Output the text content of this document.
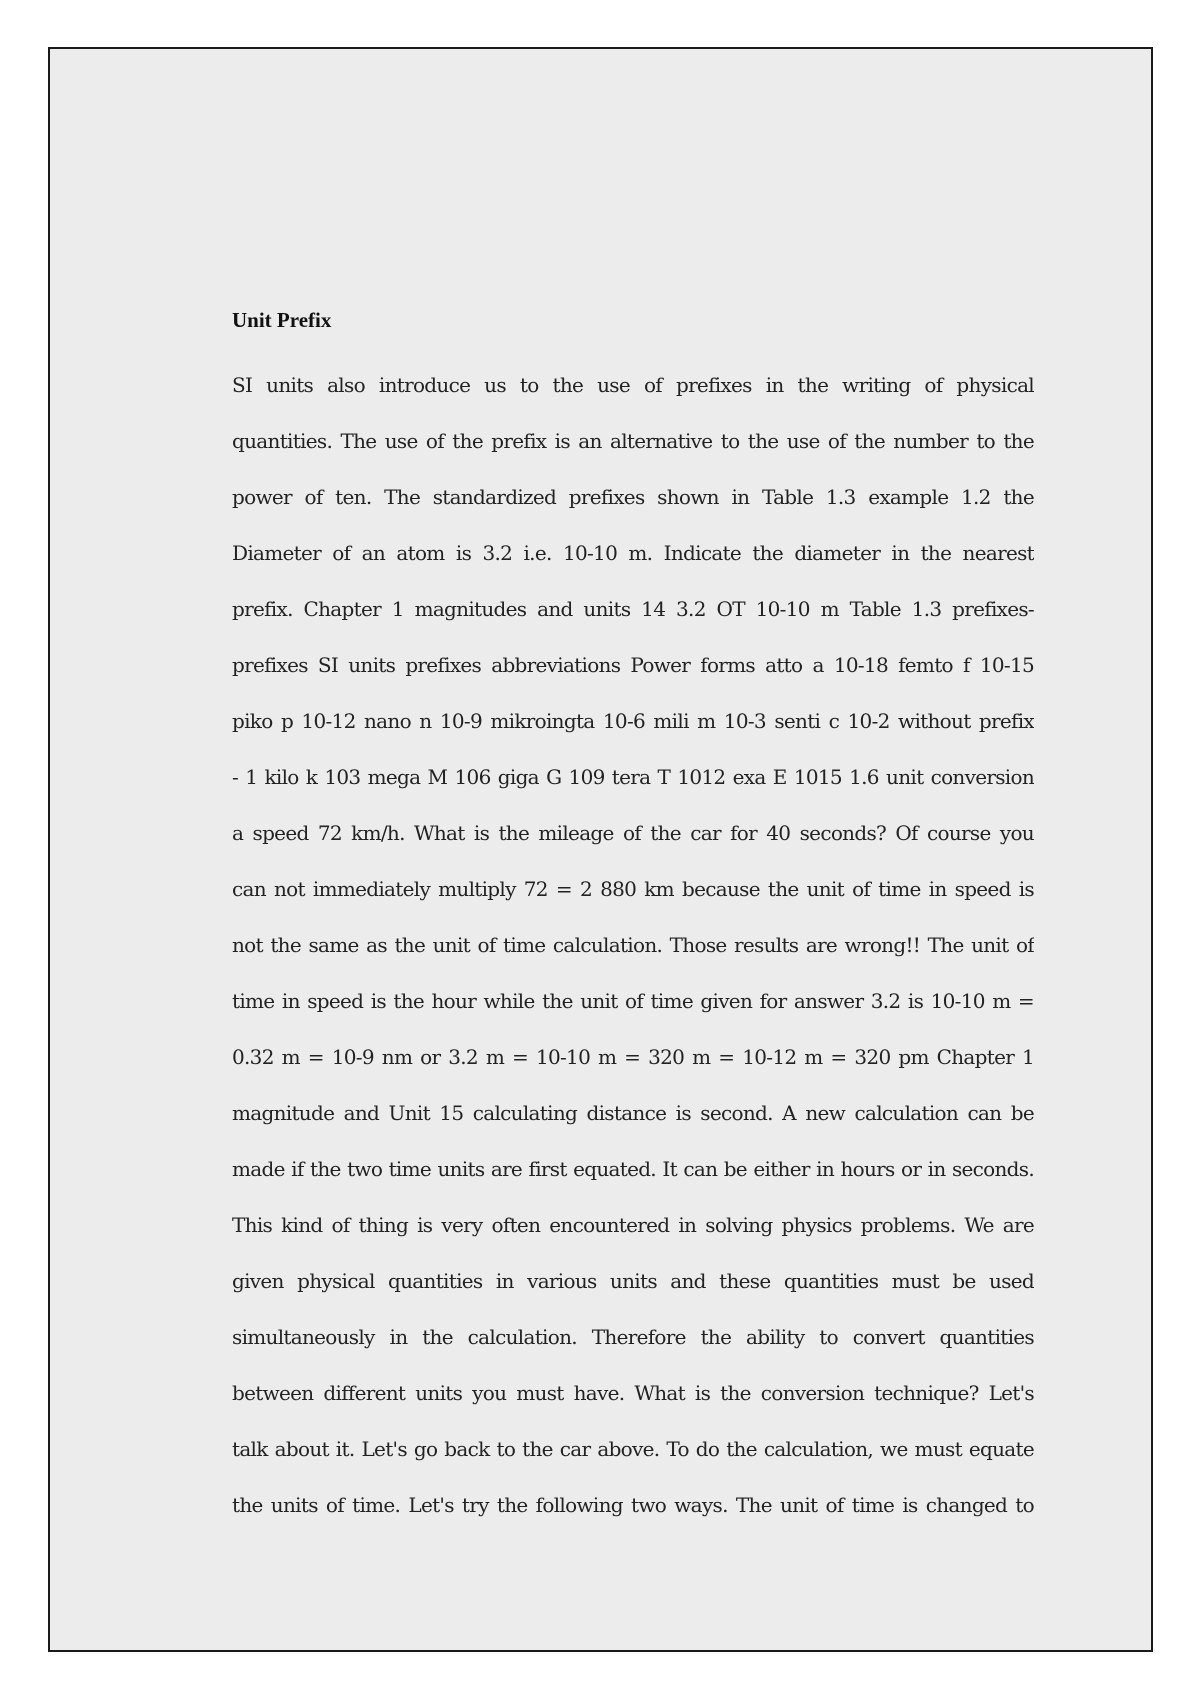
Unit Prefix
SI units also introduce us to the use of prefixes in the writing of physical
quantities. The use of the prefix is an alternative to the use of the number to the
power of ten. The standardized prefixes shown in Table 1.3 example 1.2 the
Diameter of an atom is 3.2 i.e. 10-10 m. Indicate the diameter in the nearest
prefix. Chapter 1 magnitudes and units 14 3.2 OT 10-10 m Table 1.3 prefixes-
prefixes SI units prefixes abbreviations Power forms atto a 10-18 femto f 10-15
piko p 10-12 nano n 10-9 mikroingta 10-6 mili m 10-3 senti c 10-2 without prefix
- 1 kilo k 103 mega M 106 giga G 109 tera T 1012 exa E 1015 1.6 unit conversion
a speed 72 km/h. What is the mileage of the car for 40 seconds? Of course you
can not immediately multiply 72 = 2 880 km because the unit of time in speed is
not the same as the unit of time calculation. Those results are wrong!! The unit of
time in speed is the hour while the unit of time given for answer 3.2 is 10-10 m =
0.32 m = 10-9 nm or 3.2 m = 10-10 m = 320 m = 10-12 m = 320 pm Chapter 1
magnitude and Unit 15 calculating distance is second. A new calculation can be
made if the two time units are first equated. It can be either in hours or in seconds.
This kind of thing is very often encountered in solving physics problems. We are
given physical quantities in various units and these quantities must be used
simultaneously in the calculation. Therefore the ability to convert quantities
between different units you must have. What is the conversion technique? Let's
talk about it. Let's go back to the car above. To do the calculation, we must equate
the units of time. Let's try the following two ways. The unit of time is changed to
